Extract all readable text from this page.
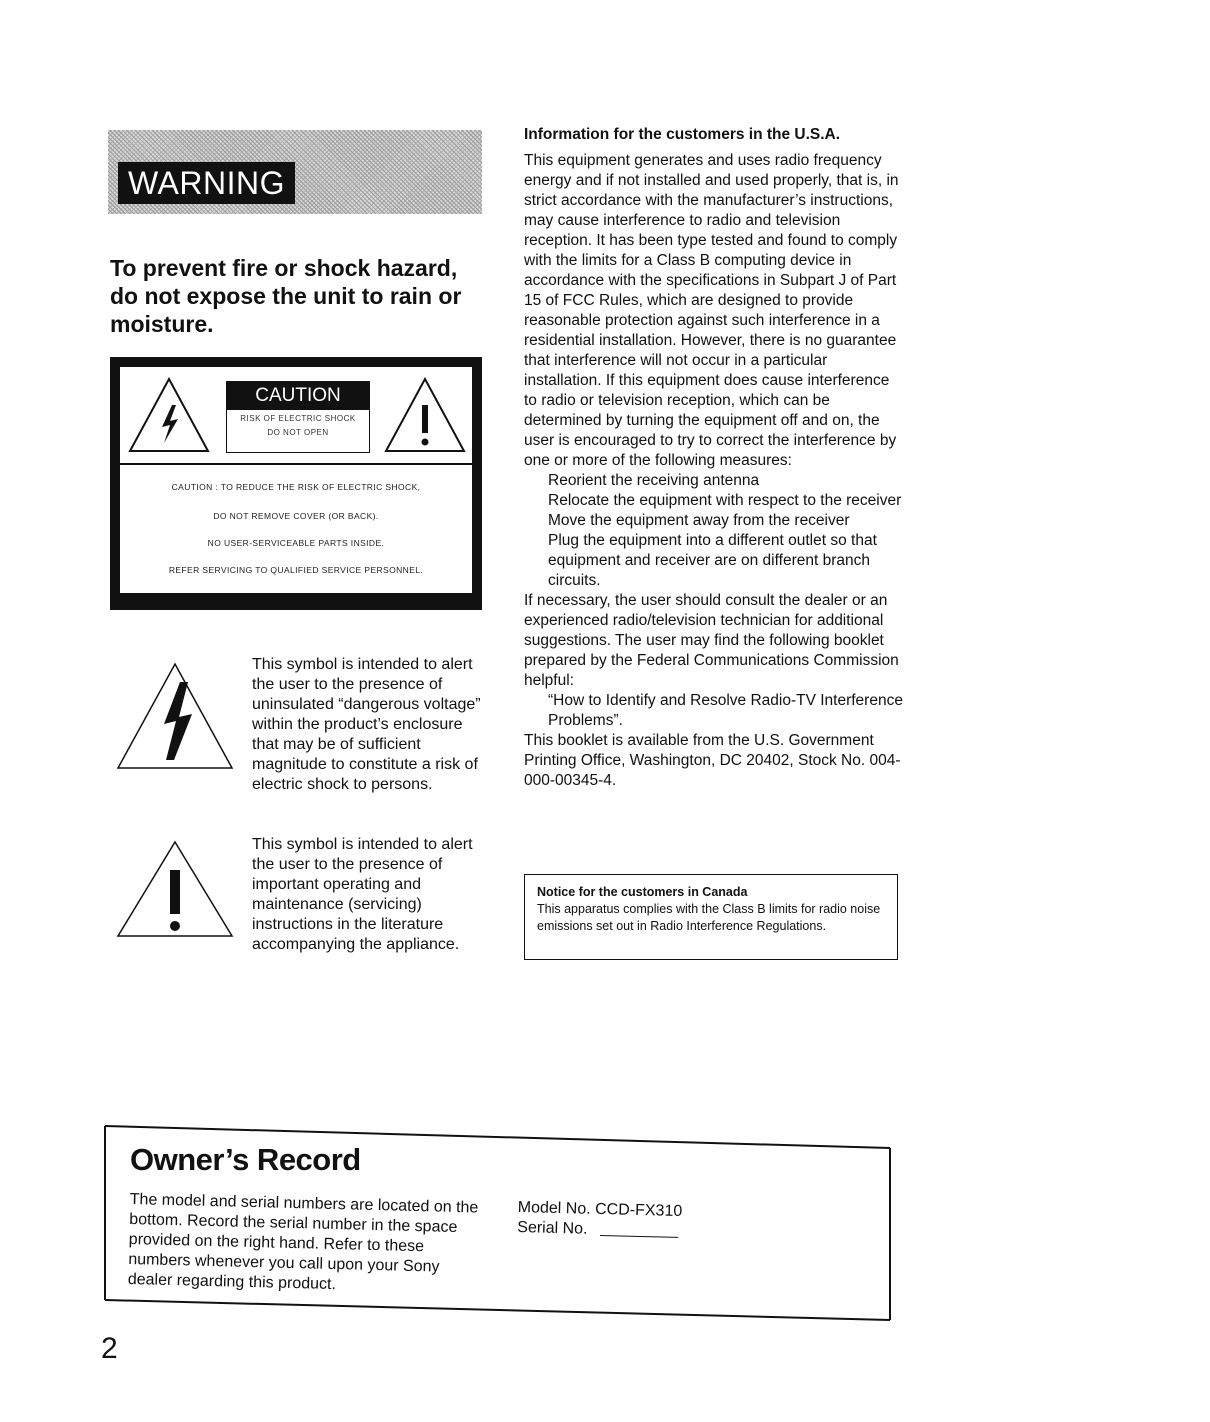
WARNING
To prevent fire or shock hazard, do not expose the unit to rain or moisture.
CAUTION
RISK OF ELECTRIC SHOCK
DO NOT OPEN
CAUTION : TO REDUCE THE RISK OF ELECTRIC SHOCK,
DO NOT REMOVE COVER (OR BACK).
NO USER-SERVICEABLE PARTS INSIDE.
REFER SERVICING TO QUALIFIED SERVICE PERSONNEL.

This symbol is intended to alert the user to the presence of uninsulated “dangerous voltage” within the product’s enclosure that may be of sufficient magnitude to constitute a risk of electric shock to persons.

This symbol is intended to alert the user to the presence of important operating and maintenance (servicing) instructions in the literature accompanying the appliance.

Information for the customers in the U.S.A.

This equipment generates and uses radio frequency energy and if not installed and used properly, that is, in strict accordance with the manufacturer’s instructions, may cause interference to radio and television reception. It has been type tested and found to comply with the limits for a Class B computing device in accordance with the specifications in Subpart J of Part 15 of FCC Rules, which are designed to provide reasonable protection against such interference in a residential installation. However, there is no guarantee that interference will not occur in a particular installation. If this equipment does cause interference to radio or television reception, which can be determined by turning the equipment off and on, the user is encouraged to try to correct the interference by one or more of the following measures:

Reorient the receiving antenna

Relocate the equipment with respect to the receiver

Move the equipment away from the receiver

Plug the equipment into a different outlet so that equipment and receiver are on different branch circuits.

If necessary, the user should consult the dealer or an experienced radio/television technician for additional suggestions. The user may find the following booklet prepared by the Federal Communications Commission helpful:

“How to Identify and Resolve Radio-TV Interference Problems”.

This booklet is available from the U.S. Government Printing Office, Washington, DC 20402, Stock No. 004-000-00345-4.

Notice for the customers in Canada
This apparatus complies with the Class B limits for radio noise emissions set out in Radio Interference Regulations.
Owner’s Record
The model and serial numbers are located on the bottom. Record the serial number in the space provided on the right hand. Refer to these numbers whenever you call upon your Sony dealer regarding this product.
Model No. CCD-FX310
Serial No.
2
